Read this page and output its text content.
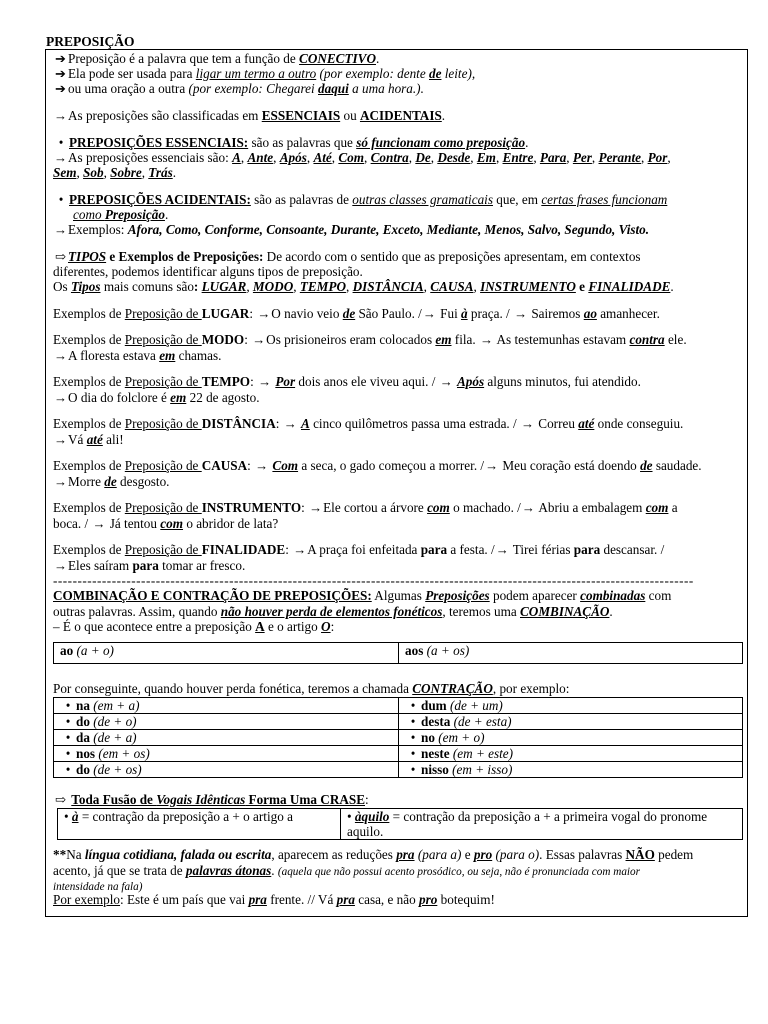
PREPOSIÇÃO
➔ Preposição é a palavra que tem a função de CONECTIVO.
➔ Ela pode ser usada para ligar um termo a outro (por exemplo: dente de leite),
➔ ou uma oração a outra (por exemplo: Chegarei daqui a uma hora.).
→As preposições são classificadas em ESSENCIAIS ou ACIDENTAIS.
• PREPOSIÇÕES ESSENCIAIS: são as palavras que só funcionam como preposição.
→As preposições essenciais são: A, Ante, Após, Até, Com, Contra, De, Desde, Em, Entre, Para, Per, Perante, Por,
Sem, Sob, Sobre, Trás.
• PREPOSIÇÕES ACIDENTAIS: são as palavras de outras classes gramaticais que, em certas frases funcionam
como Preposição.
→Exemplos: Afora, Como, Conforme, Consoante, Durante, Exceto, Mediante, Menos, Salvo, Segundo, Visto.
⇨ TIPOS e Exemplos de Preposições: De acordo com o sentido que as preposições apresentam, em contextos
diferentes, podemos identificar alguns tipos de preposição.
Os Tipos mais comuns são: LUGAR, MODO, TEMPO, DISTÂNCIA, CAUSA, INSTRUMENTO e FINALIDADE.
Exemplos de Preposição de LUGAR: →O navio veio de São Paulo. /→ Fui à praça. / → Sairemos ao amanhecer.
Exemplos de Preposição de MODO: →Os prisioneiros eram colocados em fila. → As testemunhas estavam contra ele.
→A floresta estava em chamas.
Exemplos de Preposição de TEMPO: → Por dois anos ele viveu aqui. / → Após alguns minutos, fui atendido.
→O dia do folclore é em 22 de agosto.
Exemplos de Preposição de DISTÂNCIA: → A cinco quilômetros passa uma estrada. / → Correu até onde conseguiu.
→Vá até ali!
Exemplos de Preposição de CAUSA: → Com a seca, o gado começou a morrer. /→ Meu coração está doendo de saudade.
→Morre de desgosto.
Exemplos de Preposição de INSTRUMENTO: →Ele cortou a árvore com o machado. /→ Abriu a embalagem com a
boca. / → Já tentou com o abridor de lata?
Exemplos de Preposição de FINALIDADE: →A praça foi enfeitada para a festa. /→ Tirei férias para descansar. /
→Eles saíram para tomar ar fresco.
-----------------------------------------------------------------------------------------------------------------------------------
COMBINAÇÃO E CONTRAÇÃO DE PREPOSIÇÕES: Algumas Preposições podem aparecer combinadas com
outras palavras. Assim, quando não houver perda de elementos fonéticos, teremos uma COMBINAÇÃO.
– É o que acontece entre a preposição A e o artigo O:
ao (a + o)	aos (a + os)
Por conseguinte, quando houver perda fonética, teremos a chamada CONTRAÇÃO, por exemplo:
• na (em + a)	• dum (de + um)
• do (de + o)	• desta (de + esta)
• da (de + a)	• no (em + o)
• nos (em + os)	• neste (em + este)
• do (de + os)	• nisso (em + isso)
⇨ Toda Fusão de Vogais Idênticas Forma Uma CRASE:
• à = contração da preposição a + o artigo a	• àquilo = contração da preposição a + a primeira vogal do pronome
aquilo.
**Na língua cotidiana, falada ou escrita, aparecem as reduções pra (para a) e pro (para o). Essas palavras NÃO pedem
acento, já que se trata de palavras átonas. (aquela que não possui acento prosódico, ou seja, não é pronunciada com maior
intensidade na fala)
Por exemplo: Este é um país que vai pra frente. // Vá pra casa, e não pro botequim!
